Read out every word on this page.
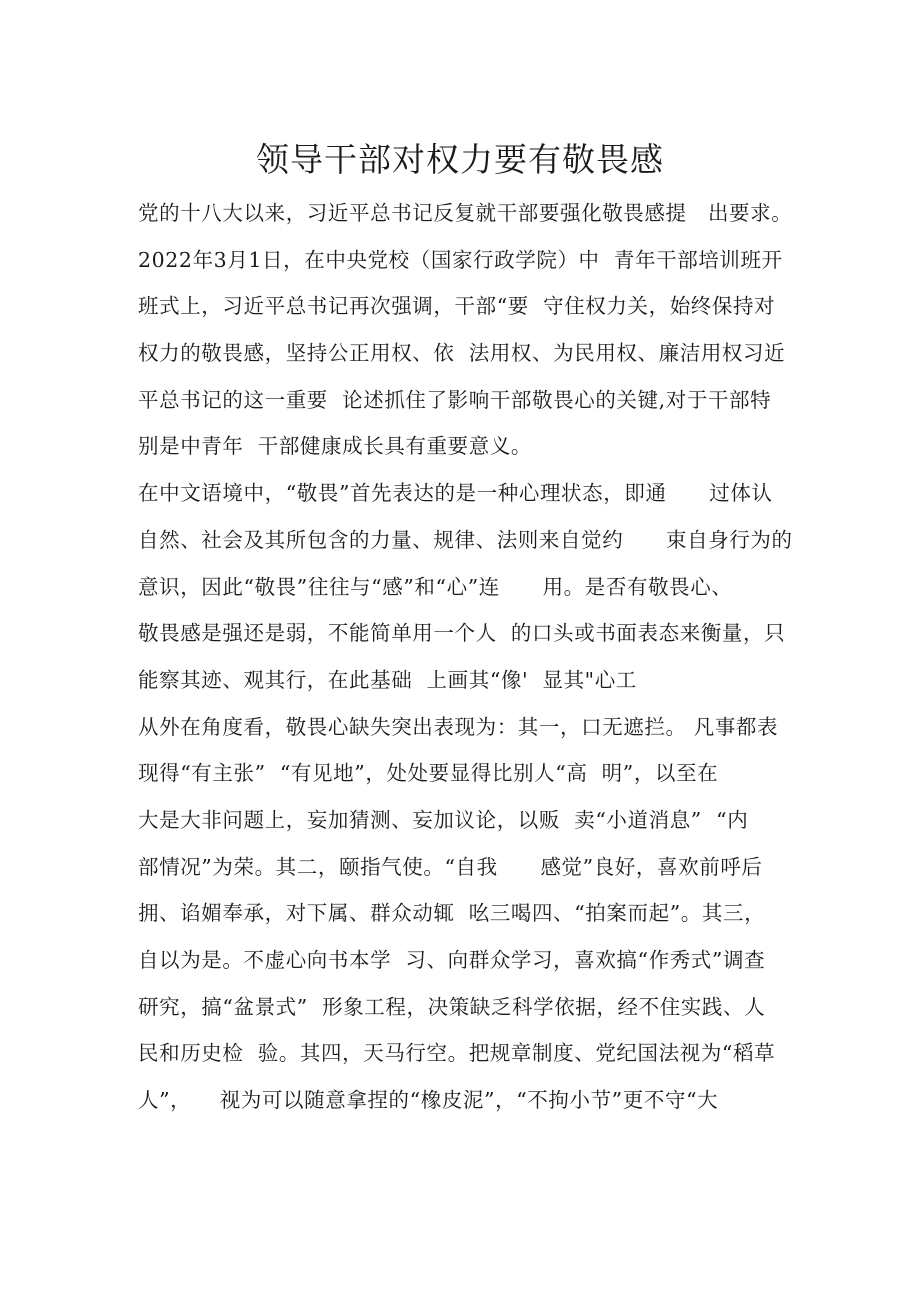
领导干部对权力要有敬畏感
党的十八大以来，习近平总书记反复就干部要强化敬畏感提   出要求。
2022年3月1日，在中央党校（国家行政学院）中  青年干部培训班开
班式上，习近平总书记再次强调，干部“要  守住权力关，始终保持对
权力的敬畏感，坚持公正用权、依  法用权、为民用权、廉洁用权习近
平总书记的这一重要  论述抓住了影响干部敬畏心的关键,对于干部特
别是中青年  干部健康成长具有重要意义。
在中文语境中，“敬畏”首先表达的是一种心理状态，即通      过体认
自然、社会及其所包含的力量、规律、法则来自觉约      束自身行为的
意识，因此“敬畏”往往与“感”和“心”连      用。是否有敬畏心、
敬畏感是强还是弱，不能简单用一个人  的口头或书面表态来衡量，只
能察其迹、观其行，在此基础  上画其“像'  显其"心工
从外在角度看，敬畏心缺失突出表现为：其一，口无遮拦。 凡事都表
现得“有主张”  “有见地”，处处要显得比别人“高  明”，以至在
大是大非问题上，妄加猜测、妄加议论，以贩  卖“小道消息”  “内
部情况”为荣。其二，颐指气使。“自我      感觉”良好，喜欢前呼后
拥、谄媚奉承，对下属、群众动辄  吆三喝四、“拍案而起”。其三，
自以为是。不虚心向书本学  习、向群众学习，喜欢搞“作秀式”调查
研究，搞“盆景式”  形象工程，决策缺乏科学依据，经不住实践、人
民和历史检  验。其四，天马行空。把规章制度、党纪国法视为“稻草
人”，    视为可以随意拿捏的“橡皮泥”，“不拘小节”更不守“大
